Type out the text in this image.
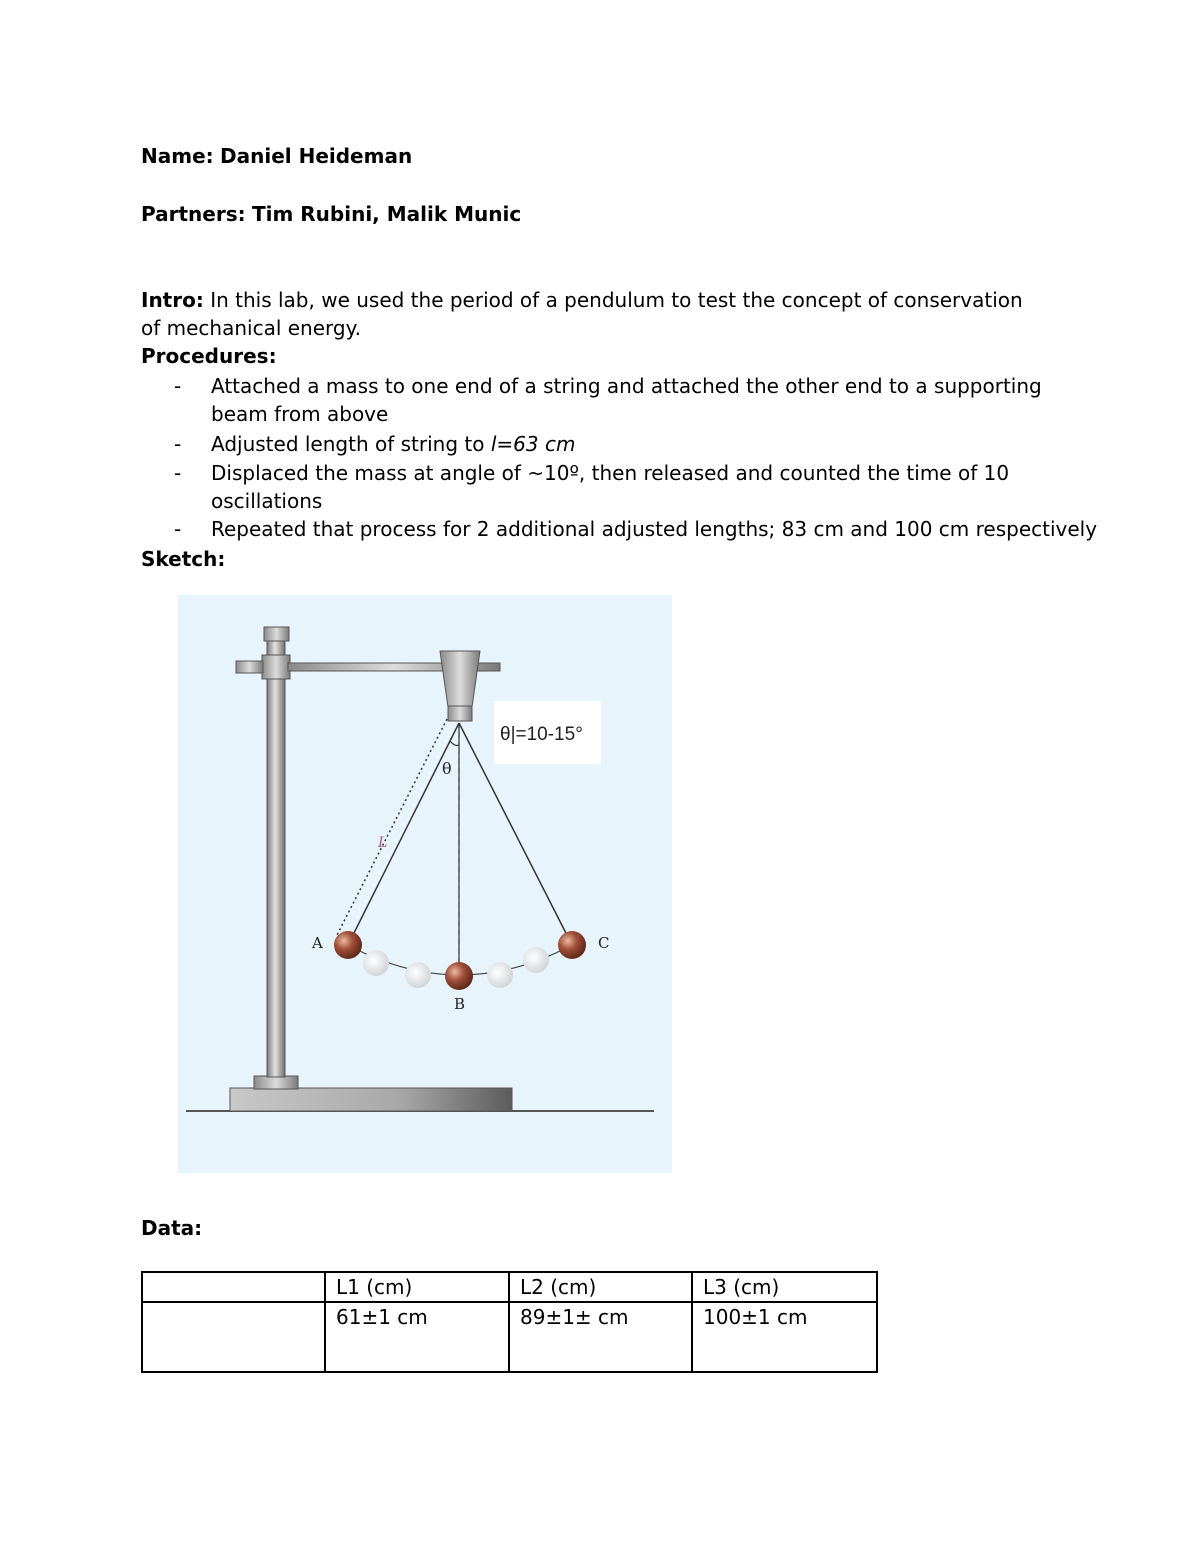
Name: Daniel Heideman
Partners: Tim Rubini, Malik Munic
Intro: In this lab, we used the period of a pendulum to test the concept of conservation of mechanical energy.
Procedures:
- Attached a mass to one end of a string and attached the other end to a supporting beam from above
- Adjusted length of string to l=63 cm
- Displaced the mass at angle of ~10º, then released and counted the time of 10 oscillations
- Repeated that process for 2 additional adjusted lengths; 83 cm and 100 cm respectively
Sketch:
A
B
C
θ
L
θ|=10-15°
Data:
	L1 (cm)	L2 (cm)	L3 (cm)
	61±1 cm	89±1± cm	100±1 cm
